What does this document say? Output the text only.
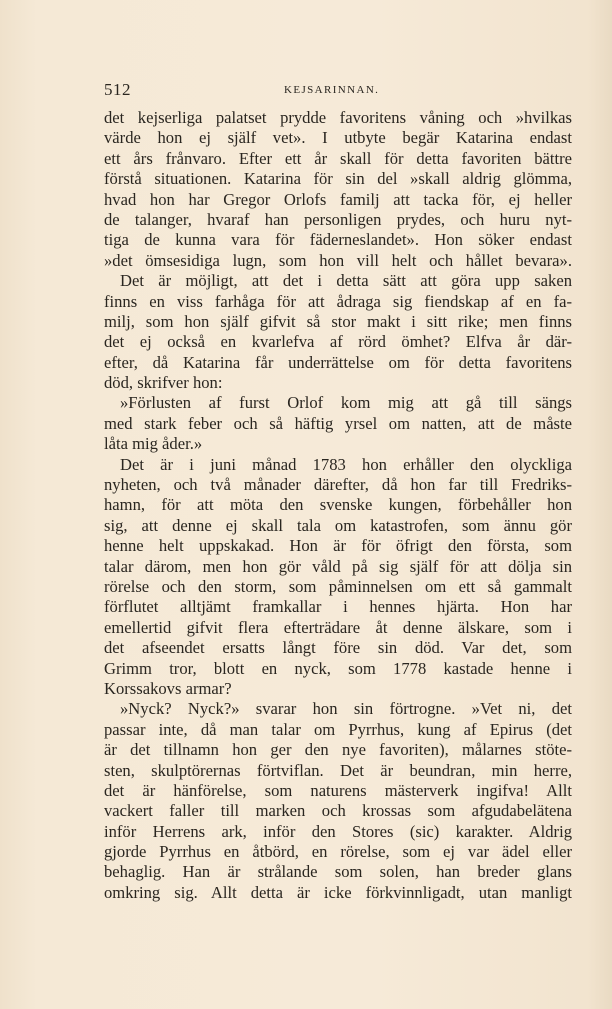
512	KEJSARINNAN.
det kejserliga palatset prydde favoritens våning och »hvilkas
värde hon ej själf vet». I utbyte begär Katarina endast
ett års frånvaro. Efter ett år skall för detta favoriten bättre
förstå situationen. Katarina för sin del »skall aldrig glömma,
hvad hon har Gregor Orlofs familj att tacka för, ej heller
de talanger, hvaraf han personligen prydes, och huru nyt-
tiga de kunna vara för fäderneslandet». Hon söker endast
»det ömsesidiga lugn, som hon vill helt och hållet bevara».
Det är möjligt, att det i detta sätt att göra upp saken
finns en viss farhåga för att ådraga sig fiendskap af en fa-
milj, som hon själf gifvit så stor makt i sitt rike; men finns
det ej också en kvarlefva af rörd ömhet? Elfva år där-
efter, då Katarina får underrättelse om för detta favoritens
död, skrifver hon:
»Förlusten af furst Orlof kom mig att gå till sängs
med stark feber och så häftig yrsel om natten, att de måste
låta mig åder.»
Det är i juni månad 1783 hon erhåller den olyckliga
nyheten, och två månader därefter, då hon far till Fredriks-
hamn, för att möta den svenske kungen, förbehåller hon
sig, att denne ej skall tala om katastrofen, som ännu gör
henne helt uppskakad. Hon är för öfrigt den första, som
talar därom, men hon gör våld på sig själf för att dölja sin
rörelse och den storm, som påminnelsen om ett så gammalt
förflutet alltjämt framkallar i hennes hjärta. Hon har
emellertid gifvit flera efterträdare åt denne älskare, som i
det afseendet ersatts långt före sin död. Var det, som
Grimm tror, blott en nyck, som 1778 kastade henne i
Korssakovs armar?
»Nyck? Nyck?» svarar hon sin förtrogne. »Vet ni, det
passar inte, då man talar om Pyrrhus, kung af Epirus (det
är det tillnamn hon ger den nye favoriten), målarnes stöte-
sten, skulptörernas förtviflan. Det är beundran, min herre,
det är hänförelse, som naturens mästerverk ingifva! Allt
vackert faller till marken och krossas som afgudabelätena
inför Herrens ark, inför den Stores (sic) karakter. Aldrig
gjorde Pyrrhus en åtbörd, en rörelse, som ej var ädel eller
behaglig. Han är strålande som solen, han breder glans
omkring sig. Allt detta är icke förkvinnligadt, utan manligt
